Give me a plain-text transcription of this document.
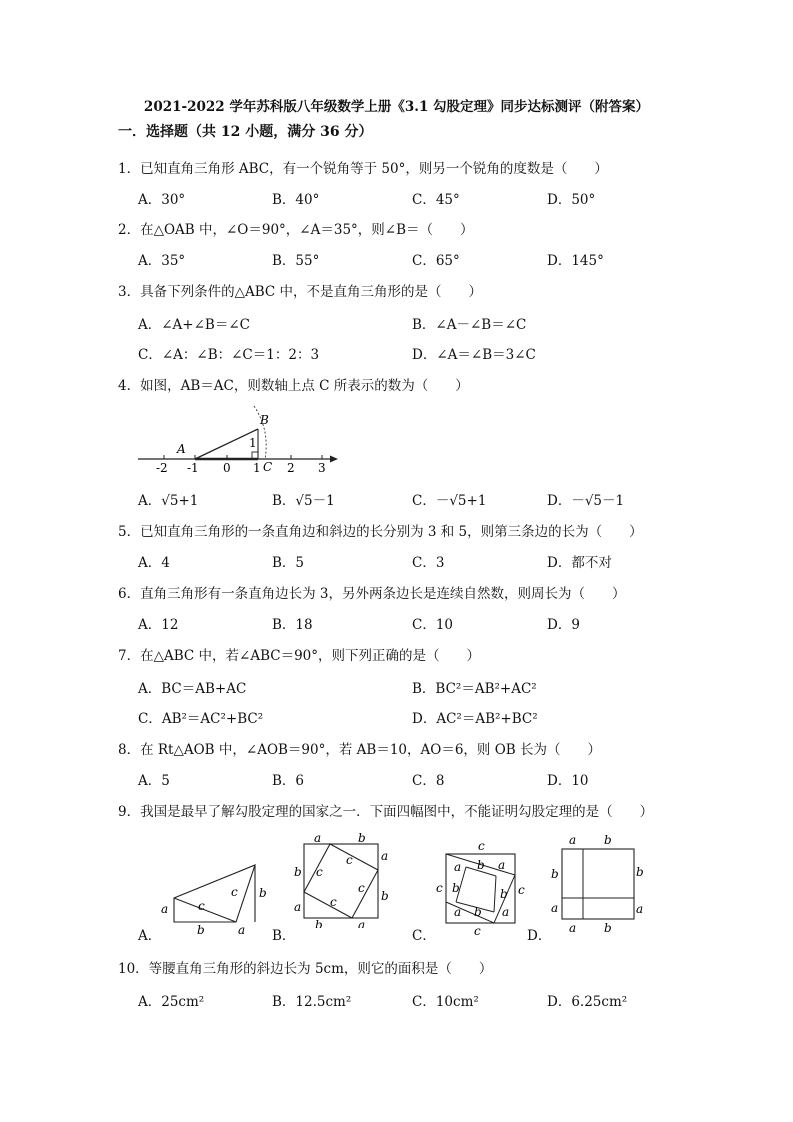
2021-2022 学年苏科版八年级数学上册《3.1 勾股定理》同步达标测评（附答案）
一．选择题（共 12 小题，满分 36 分）
1．已知直角三角形 ABC，有一个锐角等于 50°，则另一个锐角的度数是（　　）
A．30°	B．40°	C．45°	D．50°
2．在△OAB 中，∠O＝90°，∠A＝35°，则∠B＝（　　）
A．35°	B．55°	C．65°	D．145°
3．具备下列条件的△ABC 中，不是直角三角形的是（　　）
A．∠A+∠B＝∠C	B．∠A－∠B＝∠C
C．∠A：∠B：∠C＝1：2：3	D．∠A＝∠B＝3∠C
4．如图，AB＝AC，则数轴上点 C 所表示的数为（　　）
A
B
C
1
-2 -1 0 1 2 3
A．√5+1	B．√5－1	C．－√5+1	D．－√5－1
5．已知直角三角形的一条直角边和斜边的长分别为 3 和 5，则第三条边的长为（　　）
A．4	B．5	C．3	D．都不对
6．直角三角形有一条直角边长为 3，另外两条边长是连续自然数，则周长为（　　）
A．12	B．18	C．10	D．9
7．在△ABC 中，若∠ABC＝90°，则下列正确的是（　　）
A．BC＝AB+AC	B．BC²＝AB²+AC²
C．AB²＝AC²+BC²	D．AC²＝AB²+BC²
8．在 Rt△AOB 中，∠AOB＝90°，若 AB＝10，AO＝6，则 OB 长为（　　）
A．5	B．6	C．8	D．10
9．我国是最早了解勾股定理的国家之一．下面四幅图中，不能证明勾股定理的是（　　）
a
b
c
c
a
b
A．
a	b
a
b
b
a
a
b
c
c
c
c
B．
c
a b a
c b	b c
a b a
c
C．
a b
b	b
a	a
a b
D．
10．等腰直角三角形的斜边长为 5cm，则它的面积是（　　）
A．25cm²	B．12.5cm²	C．10cm²	D．6.25cm²
